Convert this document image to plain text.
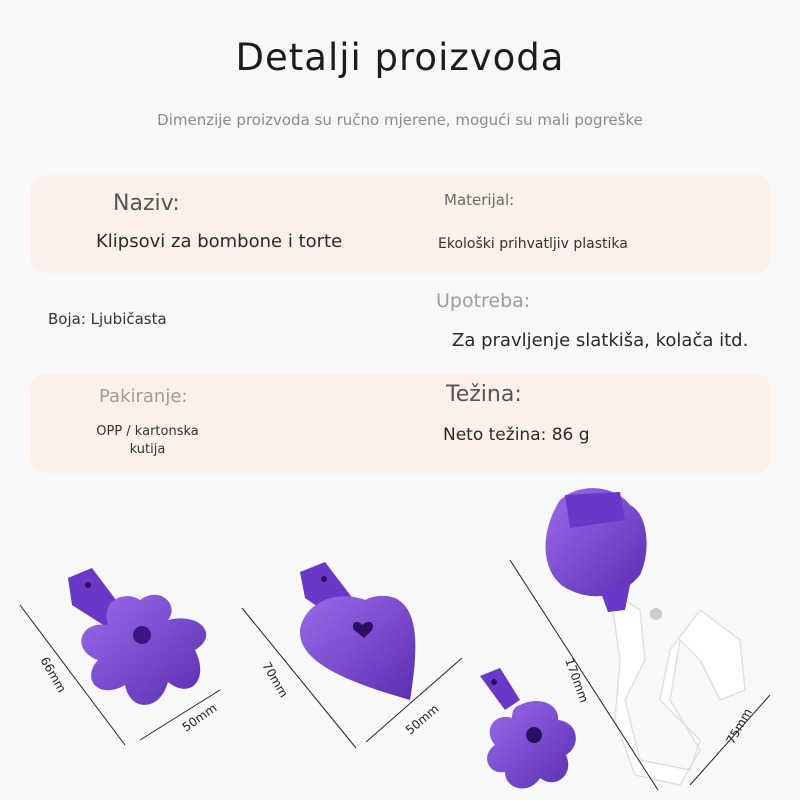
Detalji proizvoda
Dimenzije proizvoda su ručno mjerene, mogući su mali pogreške
Naziv:
Klipsovi za bombone i torte
Materijal:
Ekološki prihvatljiv plastika
Boja: Ljubičasta
Upotreba:
Za pravljenje slatkiša, kolača itd.
Pakiranje:
OPP / kartonska
kutija
Težina:
Neto težina: 86 g
66mm
50mm
70mm
50mm
170mm
75mm
